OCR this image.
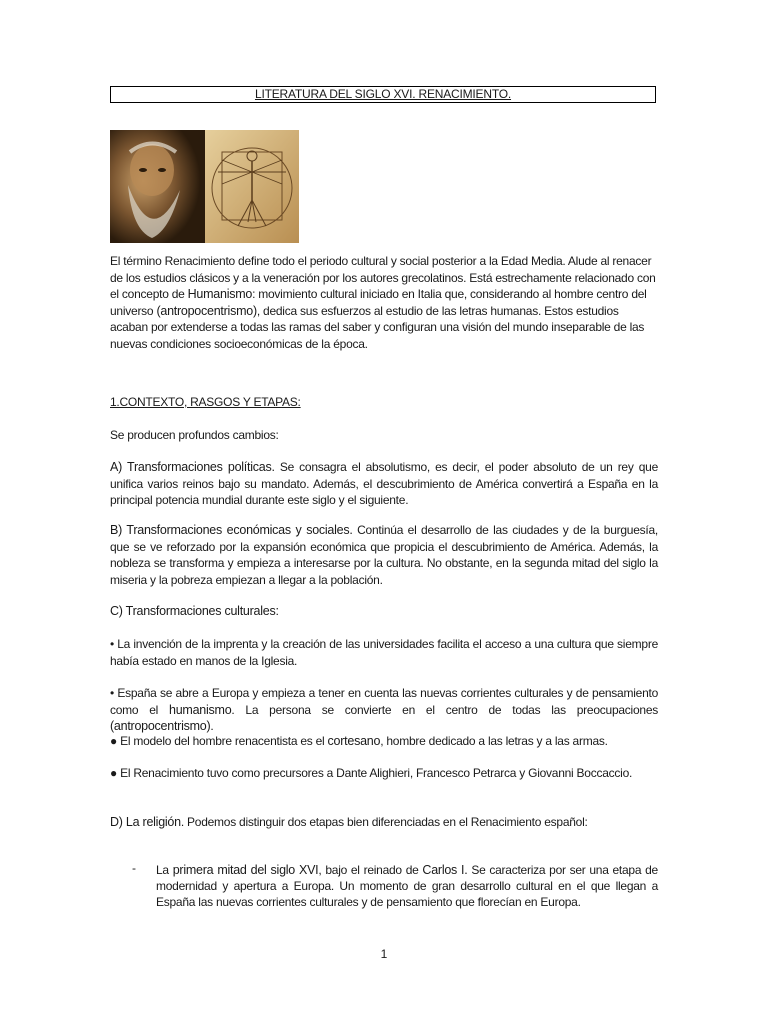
LITERATURA DEL SIGLO XVI. RENACIMIENTO.
El término Renacimiento define todo el periodo cultural y social posterior a la Edad Media. Alude al renacer de los estudios clásicos y a la veneración por los autores grecolatinos. Está estrechamente relacionado con el concepto de Humanismo: movimiento cultural iniciado en Italia que, considerando al hombre centro del universo (antropocentrismo), dedica sus esfuerzos al estudio de las letras humanas. Estos estudios acaban por extenderse a todas las ramas del saber y configuran una visión del mundo inseparable de las nuevas condiciones socioeconómicas de la época.
1.CONTEXTO, RASGOS Y ETAPAS:
Se producen profundos cambios:
A) Transformaciones políticas. Se consagra el absolutismo, es decir, el poder absoluto de un rey que unifica varios reinos bajo su mandato. Además, el descubrimiento de América convertirá a España en la principal potencia mundial durante este siglo y el siguiente.
B) Transformaciones económicas y sociales. Continúa el desarrollo de las ciudades y de la burguesía, que se ve reforzado por la expansión económica que propicia el descubrimiento de América. Además, la nobleza se transforma y empieza a interesarse por la cultura. No obstante, en la segunda mitad del siglo la miseria y la pobreza empiezan a llegar a la población.
C) Transformaciones culturales:
• La invención de la imprenta y la creación de las universidades facilita el acceso a una cultura que siempre había estado en manos de la Iglesia.
• España se abre a Europa y empieza a tener en cuenta las nuevas corrientes culturales y de pensamiento como el humanismo. La persona se convierte en el centro de todas las preocupaciones (antropocentrismo).
● El modelo del hombre renacentista es el cortesano, hombre dedicado a las letras y a las armas.
● El Renacimiento tuvo como precursores a Dante Alighieri, Francesco Petrarca y Giovanni Boccaccio.
D) La religión. Podemos distinguir dos etapas bien diferenciadas en el Renacimiento español:
- La primera mitad del siglo XVI, bajo el reinado de Carlos I. Se caracteriza por ser una etapa de modernidad y apertura a Europa. Un momento de gran desarrollo cultural en el que llegan a España las nuevas corrientes culturales y de pensamiento que florecían en Europa.
1
